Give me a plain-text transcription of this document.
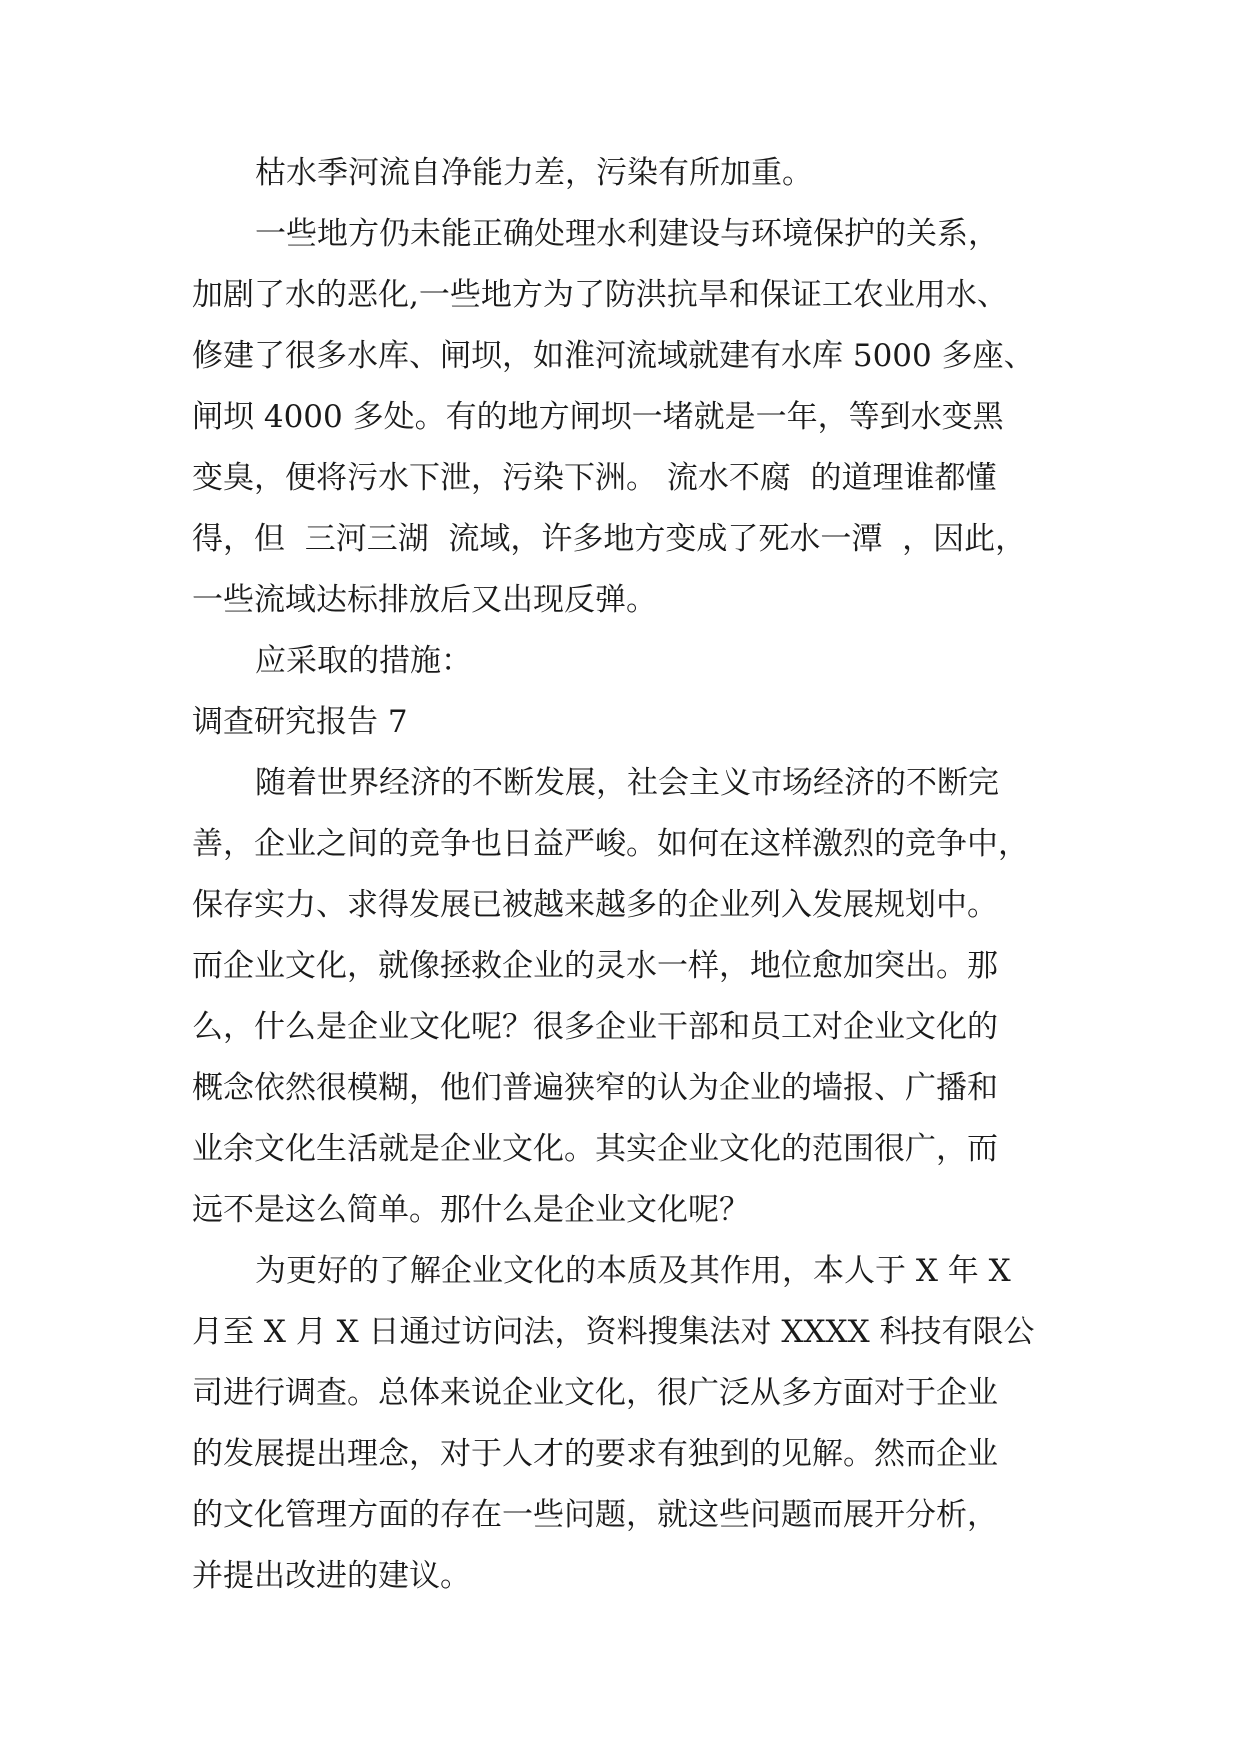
枯水季河流自净能力差，污染有所加重。
一些地方仍未能正确处理水利建设与环境保护的关系，
加剧了水的恶化,一些地方为了防洪抗旱和保证工农业用水、
修建了很多水库、闸坝，如淮河流域就建有水库 5000 多座、
闸坝 4000 多处。有的地方闸坝一堵就是一年，等到水变黑
变臭，便将污水下泄，污染下洲。 流水不腐  的道理谁都懂
得，但  三河三湖  流域，许多地方变成了死水一潭  ，因此，
一些流域达标排放后又出现反弹。
应采取的措施：
调查研究报告 7
随着世界经济的不断发展，社会主义市场经济的不断完
善，企业之间的竞争也日益严峻。如何在这样激烈的竞争中，
保存实力、求得发展已被越来越多的企业列入发展规划中。
而企业文化，就像拯救企业的灵水一样，地位愈加突出。那
么，什么是企业文化呢？很多企业干部和员工对企业文化的
概念依然很模糊，他们普遍狭窄的认为企业的墙报、广播和
业余文化生活就是企业文化。其实企业文化的范围很广，而
远不是这么简单。那什么是企业文化呢？
为更好的了解企业文化的本质及其作用，本人于 X 年 X
月至 X 月 X 日通过访问法，资料搜集法对 XXXX 科技有限公
司进行调查。总体来说企业文化，很广泛从多方面对于企业
的发展提出理念，对于人才的要求有独到的见解。然而企业
的文化管理方面的存在一些问题，就这些问题而展开分析，
并提出改进的建议。
